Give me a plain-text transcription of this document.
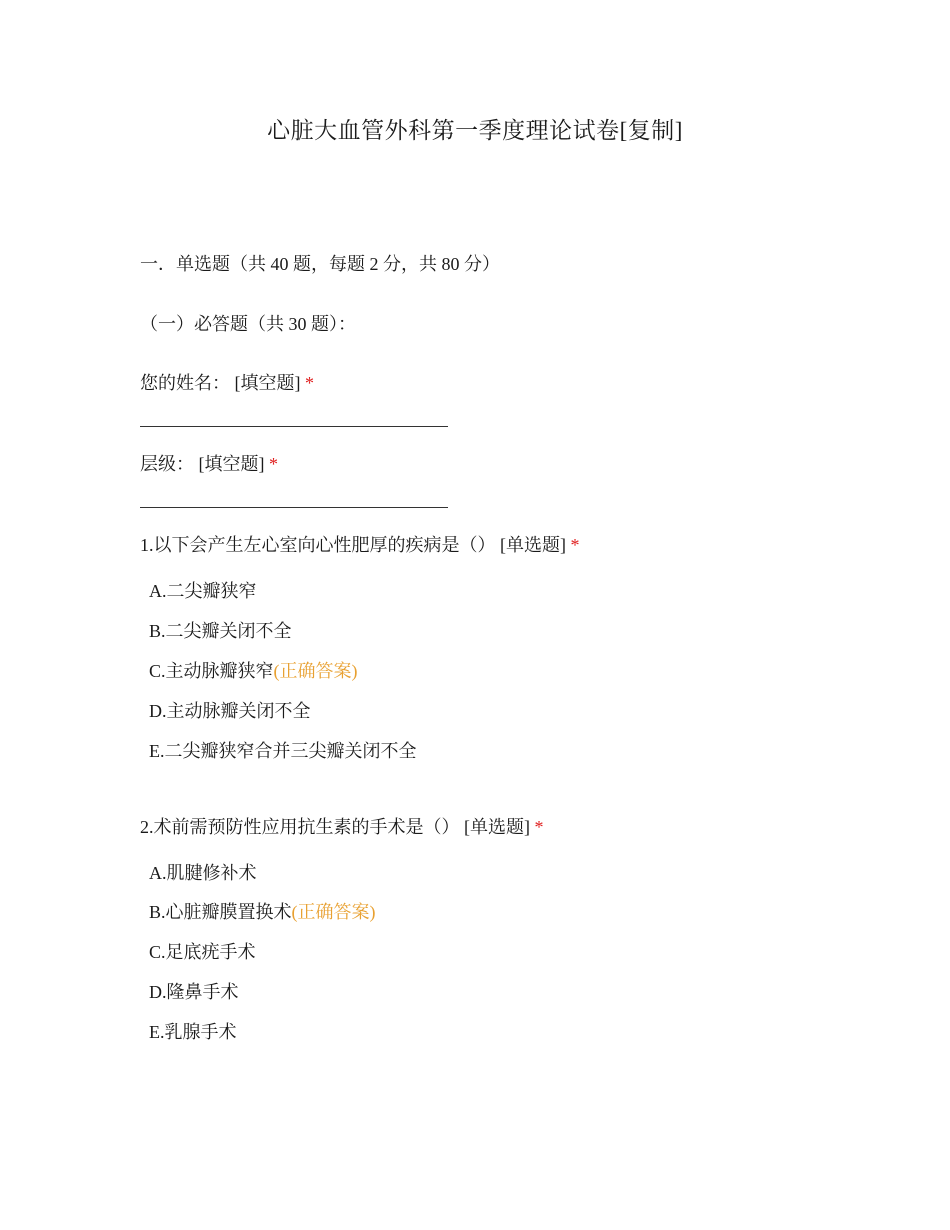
心脏大血管外科第一季度理论试卷[复制]
一．单选题（共 40 题，每题 2 分，共 80 分）
（一）必答题（共 30 题）：
您的姓名： [填空题] *
层级： [填空题] *
1.以下会产生左心室向心性肥厚的疾病是（） [单选题] *
A.二尖瓣狭窄
B.二尖瓣关闭不全
C.主动脉瓣狭窄(正确答案)
D.主动脉瓣关闭不全
E.二尖瓣狭窄合并三尖瓣关闭不全
2.术前需预防性应用抗生素的手术是（） [单选题] *
A.肌腱修补术
B.心脏瓣膜置换术(正确答案)
C.足底疣手术
D.隆鼻手术
E.乳腺手术
